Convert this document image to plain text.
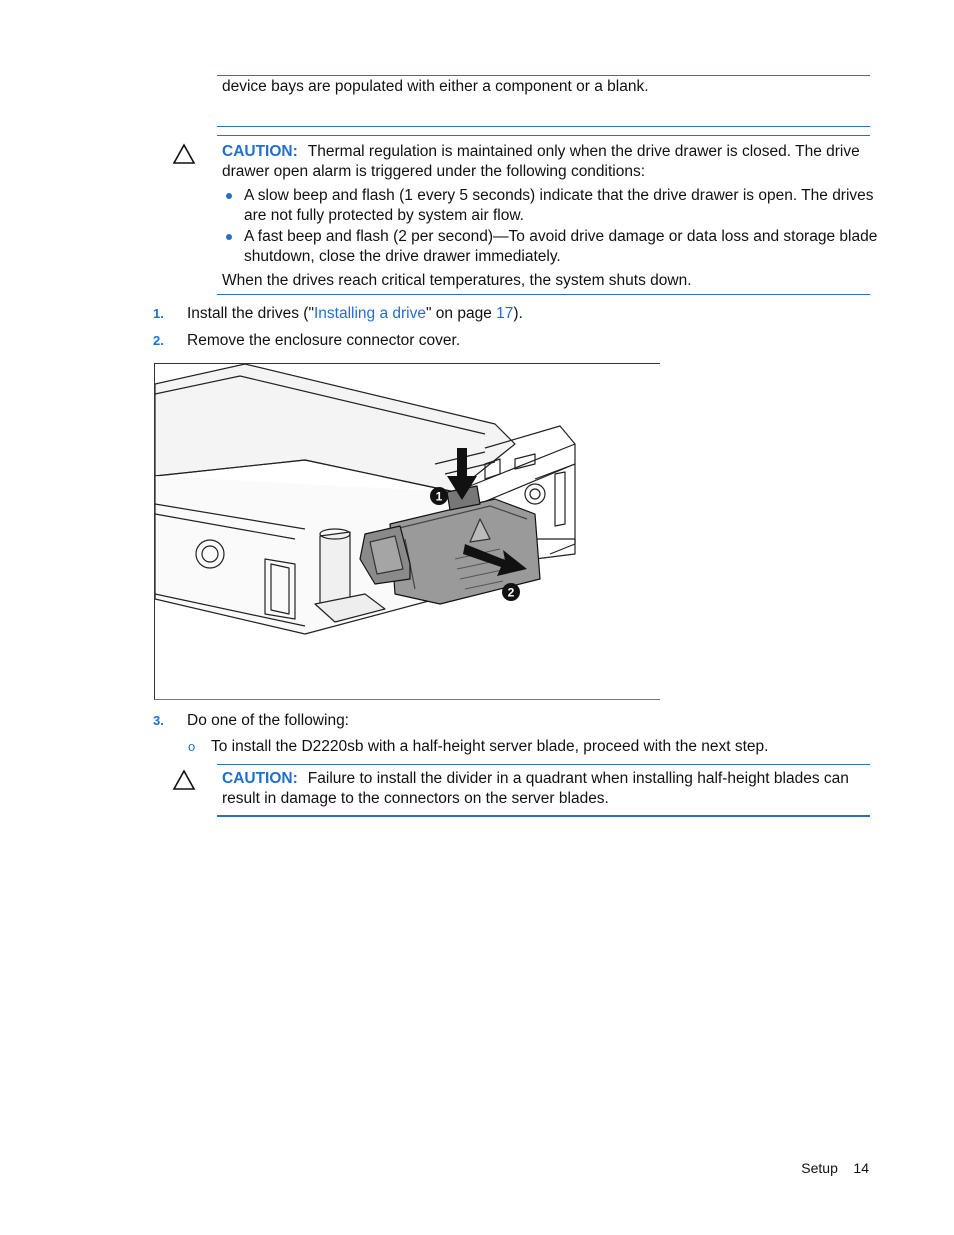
device bays are populated with either a component or a blank.
CAUTION: Thermal regulation is maintained only when the drive drawer is closed. The drive
drawer open alarm is triggered under the following conditions:
A slow beep and flash (1 every 5 seconds) indicate that the drive drawer is open. The drives
are not fully protected by system air flow.
A fast beep and flash (2 per second)—To avoid drive damage or data loss and storage blade
shutdown, close the drive drawer immediately.
When the drives reach critical temperatures, the system shuts down.
1. Install the drives ("Installing a drive" on page 17).
2. Remove the enclosure connector cover.
1
2
3. Do one of the following:
o To install the D2220sb with a half-height server blade, proceed with the next step.
CAUTION: Failure to install the divider in a quadrant when installing half-height blades can
result in damage to the connectors on the server blades.
Setup 14
